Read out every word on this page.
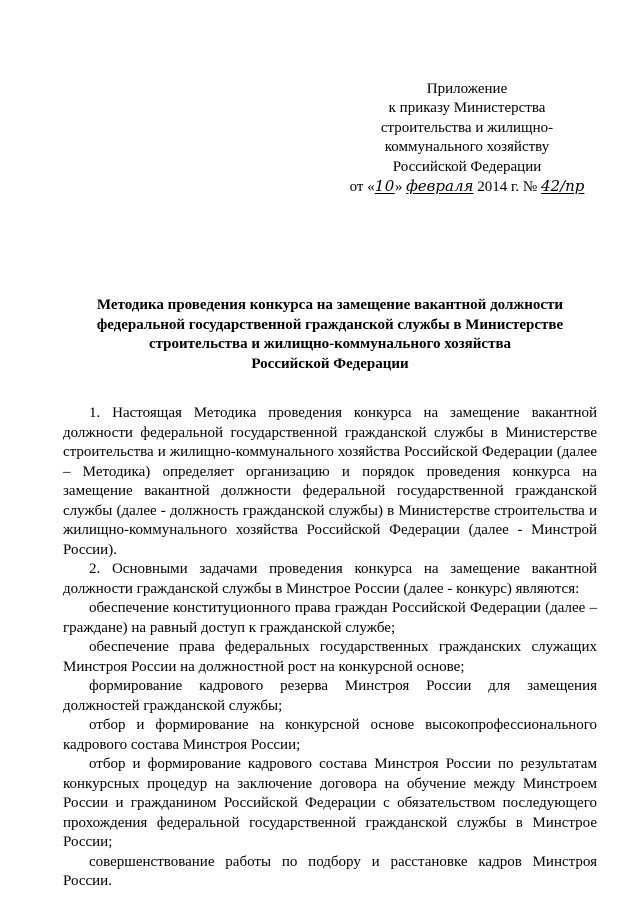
Приложение
к приказу Министерства
строительства и жилищно-
коммунального хозяйству
Российской Федерации
от «10» февраля 2014 г. № 42/пр
Методика проведения конкурса на замещение вакантной должности
федеральной государственной гражданской службы в Министерстве
строительства и жилищно-коммунального хозяйства
Российской Федерации

1. Настоящая Методика проведения конкурса на замещение вакантной должности федеральной государственной гражданской службы в Министерстве строительства и жилищно-коммунального хозяйства Российской Федерации (далее – Методика) определяет организацию и порядок проведения конкурса на замещение вакантной должности федеральной государственной гражданской службы (далее - должность гражданской службы) в Министерстве строительства и жилищно-коммунального хозяйства Российской Федерации (далее - Минстрой России).

2. Основными задачами проведения конкурса на замещение вакантной должности гражданской службы в Минстрое России (далее - конкурс) являются:

обеспечение конституционного права граждан Российской Федерации (далее – граждане) на равный доступ к гражданской службе;

обеспечение права федеральных государственных гражданских служащих Минстроя России на должностной рост на конкурсной основе;

формирование кадрового резерва Минстроя России для замещения должностей гражданской службы;

отбор и формирование на конкурсной основе высокопрофессионального кадрового состава Минстроя России;

отбор и формирование кадрового состава Минстроя России по результатам конкурсных процедур на заключение договора на обучение между Минстроем России и гражданином Российской Федерации с обязательством последующего прохождения федеральной государственной гражданской службы в Минстрое России;

совершенствование работы по подбору и расстановке кадров Минстроя России.
